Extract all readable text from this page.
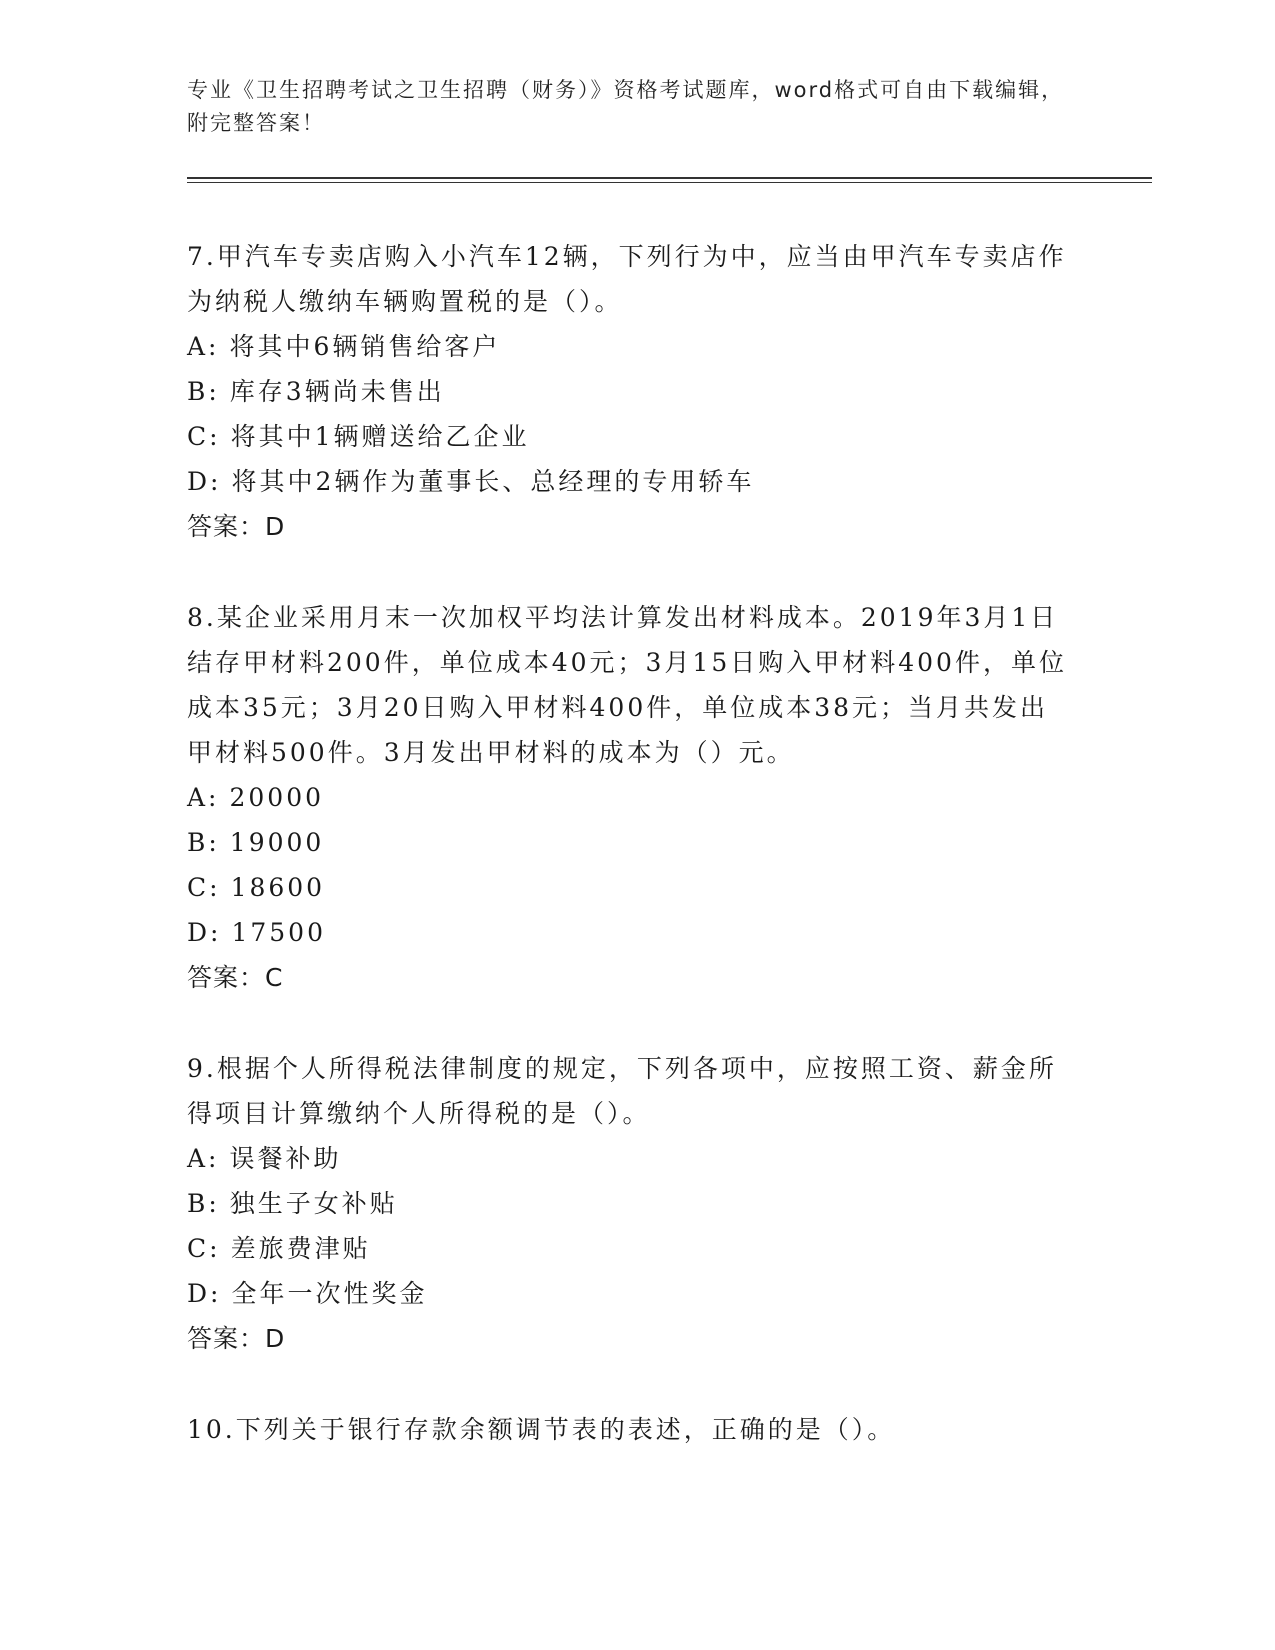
专业《卫生招聘考试之卫生招聘（财务）》资格考试题库，word格式可自由下载编辑，附完整答案！

7.甲汽车专卖店购入小汽车12辆，下列行为中，应当由甲汽车专卖店作为纳税人缴纳车辆购置税的是（）。

A: 将其中6辆销售给客户

B: 库存3辆尚未售出

C: 将其中1辆赠送给乙企业

D: 将其中2辆作为董事长、总经理的专用轿车

答案：D

8.某企业采用月末一次加权平均法计算发出材料成本。2019年3月1日结存甲材料200件，单位成本40元；3月15日购入甲材料400件，单位成本35元；3月20日购入甲材料400件，单位成本38元；当月共发出甲材料500件。3月发出甲材料的成本为（）元。

A: 20000

B: 19000

C: 18600

D: 17500

答案：C

9.根据个人所得税法律制度的规定，下列各项中，应按照工资、薪金所得项目计算缴纳个人所得税的是（）。

A: 误餐补助

B: 独生子女补贴

C: 差旅费津贴

D: 全年一次性奖金

答案：D

10.下列关于银行存款余额调节表的表述，正确的是（）。
